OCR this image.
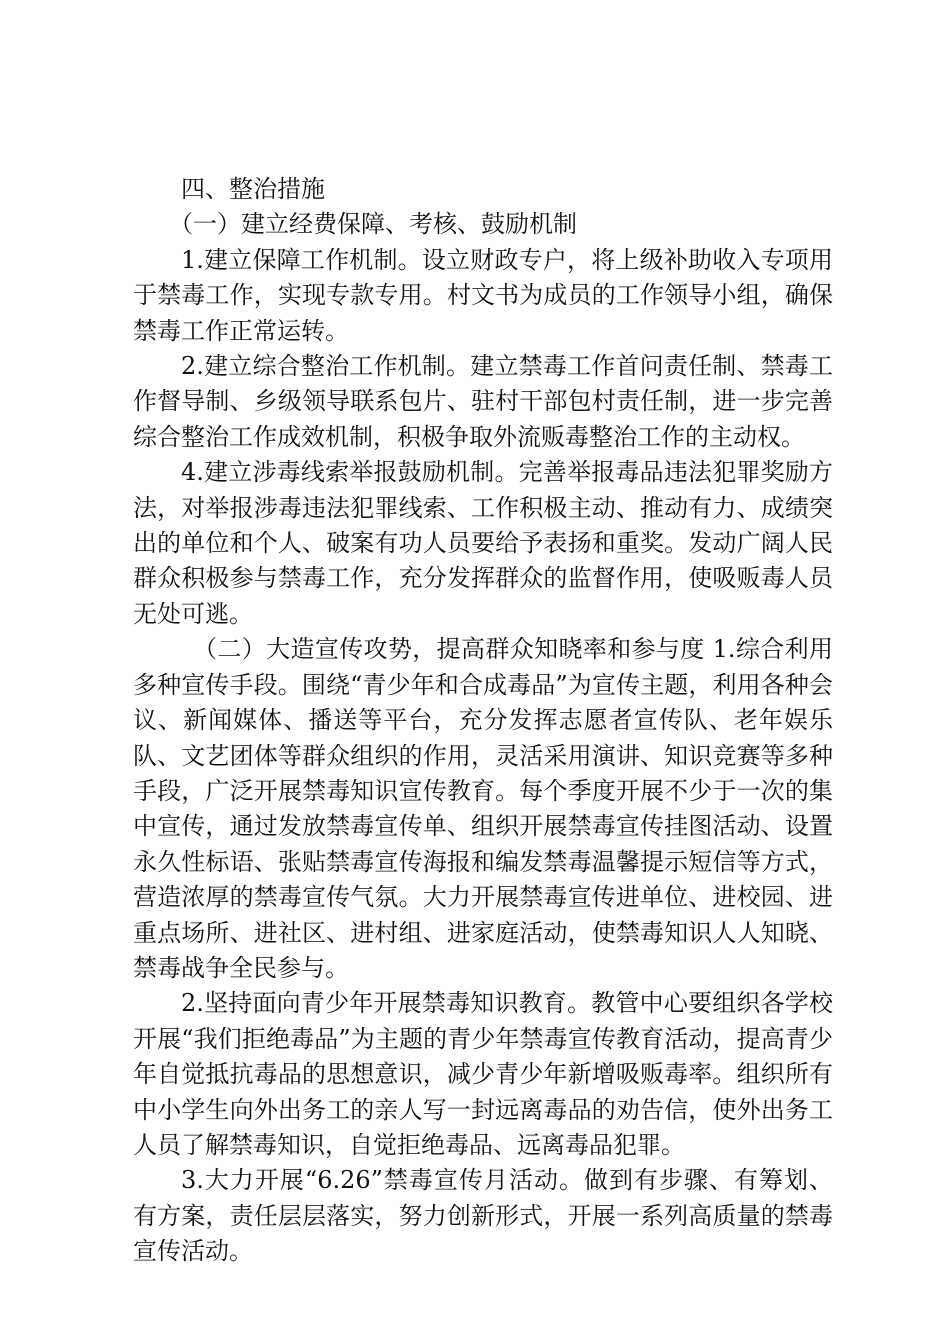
四、整治措施

（一）建立经费保障、考核、鼓励机制

1.建立保障工作机制。设立财政专户，将上级补助收入专项用于禁毒工作，实现专款专用。村文书为成员的工作领导小组，确保禁毒工作正常运转。

2.建立综合整治工作机制。建立禁毒工作首问责任制、禁毒工作督导制、乡级领导联系包片、驻村干部包村责任制，进一步完善综合整治工作成效机制，积极争取外流贩毒整治工作的主动权。

4.建立涉毒线索举报鼓励机制。完善举报毒品违法犯罪奖励方法，对举报涉毒违法犯罪线索、工作积极主动、推动有力、成绩突出的单位和个人、破案有功人员要给予表扬和重奖。发动广阔人民群众积极参与禁毒工作，充分发挥群众的监督作用，使吸贩毒人员无处可逃。

（二）大造宣传攻势，提高群众知晓率和参与度 1.综合利用多种宣传手段。围绕“青少年和合成毒品”为宣传主题，利用各种会议、新闻媒体、播送等平台，充分发挥志愿者宣传队、老年娱乐队、文艺团体等群众组织的作用，灵活采用演讲、知识竞赛等多种手段，广泛开展禁毒知识宣传教育。每个季度开展不少于一次的集中宣传，通过发放禁毒宣传单、组织开展禁毒宣传挂图活动、设置永久性标语、张贴禁毒宣传海报和编发禁毒温馨提示短信等方式，营造浓厚的禁毒宣传气氛。大力开展禁毒宣传进单位、进校园、进重点场所、进社区、进村组、进家庭活动，使禁毒知识人人知晓、禁毒战争全民参与。

2.坚持面向青少年开展禁毒知识教育。教管中心要组织各学校开展“我们拒绝毒品”为主题的青少年禁毒宣传教育活动，提高青少年自觉抵抗毒品的思想意识，减少青少年新增吸贩毒率。组织所有中小学生向外出务工的亲人写一封远离毒品的劝告信，使外出务工人员了解禁毒知识，自觉拒绝毒品、远离毒品犯罪。

3.大力开展“6.26”禁毒宣传月活动。做到有步骤、有筹划、有方案，责任层层落实，努力创新形式，开展一系列高质量的禁毒宣传活动。
